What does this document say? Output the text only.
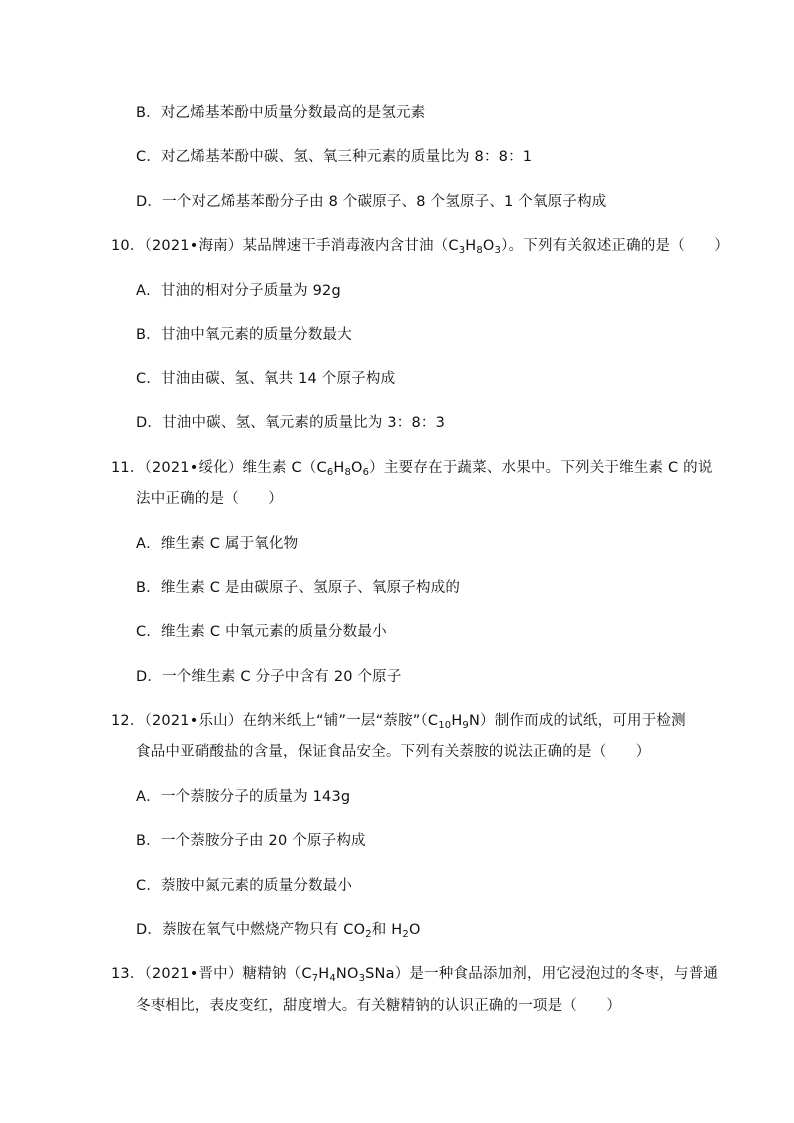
B．对乙烯基苯酚中质量分数最高的是氢元素
C．对乙烯基苯酚中碳、氢、氧三种元素的质量比为 8：8：1
D．一个对乙烯基苯酚分子由 8 个碳原子、8 个氢原子、1 个氧原子构成
10．（2021•海南）某品牌速干手消毒液内含甘油$(C_3H_8O_3)$。下列有关叙述正确的是（　　）
A．甘油的相对分子质量为 92g
B．甘油中氧元素的质量分数最大
C．甘油由碳、氢、氧共 14 个原子构成
D．甘油中碳、氢、氧元素的质量比为 3：8：3
11．（2021•绥化）维生素 $C(C_6H_8O_6)$主要存在于蔬菜、水果中。下列关于维生素 C 的说
法中正确的是（　　）
A．维生素 C 属于氧化物
B．维生素 C 是由碳原子、氢原子、氧原子构成的
C．维生素 C 中氧元素的质量分数最小
D．一个维生素 C 分子中含有 20 个原子
12．（2021•乐山）在纳米纸上“铺”一层“萘胺$”(C_{10}H_9N)$制作而成的试纸，可用于检测
食品中亚硝酸盐的含量，保证食品安全。下列有关萘胺的说法正确的是（　　）
A．一个萘胺分子的质量为 143g
B．一个萘胺分子由 20 个原子构成
C．萘胺中氮元素的质量分数最小
D．萘胺在氧气中燃烧产物只有 $CO_2$和 $H_2O$
13．（2021•晋中）糖精钠$(C_7H_4NO_3SNa)$是一种食品添加剂，用它浸泡过的冬枣，与普通
冬枣相比，表皮变红，甜度增大。有关糖精钠的认识正确的一项是（　　）
